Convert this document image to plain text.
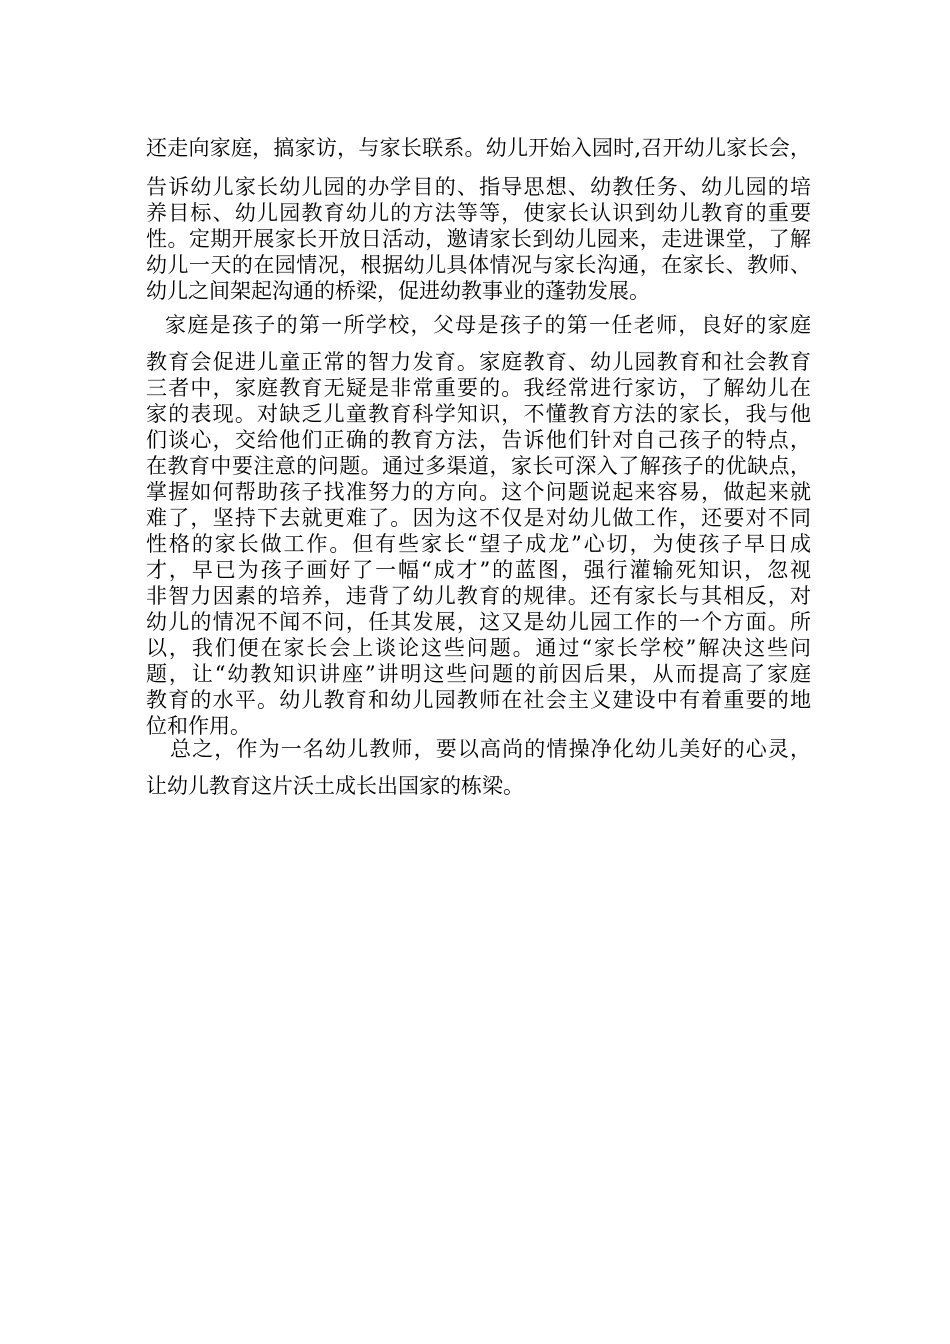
还走向家庭，搞家访，与家长联系。幼儿开始入园时,召开幼儿家长会，
告诉幼儿家长幼儿园的办学目的、指导思想、幼教任务、幼儿园的培
养目标、幼儿园教育幼儿的方法等等，使家长认识到幼儿教育的重要
性。定期开展家长开放日活动，邀请家长到幼儿园来，走进课堂，了解
幼儿一天的在园情况，根据幼儿具体情况与家长沟通，在家长、教师、
幼儿之间架起沟通的桥梁，促进幼教事业的蓬勃发展。
家庭是孩子的第一所学校，父母是孩子的第一任老师，良好的家庭
教育会促进儿童正常的智力发育。家庭教育、幼儿园教育和社会教育
三者中，家庭教育无疑是非常重要的。我经常进行家访，了解幼儿在
家的表现。对缺乏儿童教育科学知识，不懂教育方法的家长，我与他
们谈心，交给他们正确的教育方法，告诉他们针对自己孩子的特点，
在教育中要注意的问题。通过多渠道，家长可深入了解孩子的优缺点，
掌握如何帮助孩子找准努力的方向。这个问题说起来容易，做起来就
难了，坚持下去就更难了。因为这不仅是对幼儿做工作，还要对不同
性格的家长做工作。但有些家长“望子成龙”心切，为使孩子早日成
才，早已为孩子画好了一幅“成才”的蓝图，强行灌输死知识，忽视
非智力因素的培养，违背了幼儿教育的规律。还有家长与其相反，对
幼儿的情况不闻不问，任其发展，这又是幼儿园工作的一个方面。所
以，我们便在家长会上谈论这些问题。通过“家长学校”解决这些问
题，让“幼教知识讲座”讲明这些问题的前因后果，从而提高了家庭
教育的水平。幼儿教育和幼儿园教师在社会主义建设中有着重要的地
位和作用。
总之，作为一名幼儿教师，要以高尚的情操净化幼儿美好的心灵，
让幼儿教育这片沃土成长出国家的栋梁。
